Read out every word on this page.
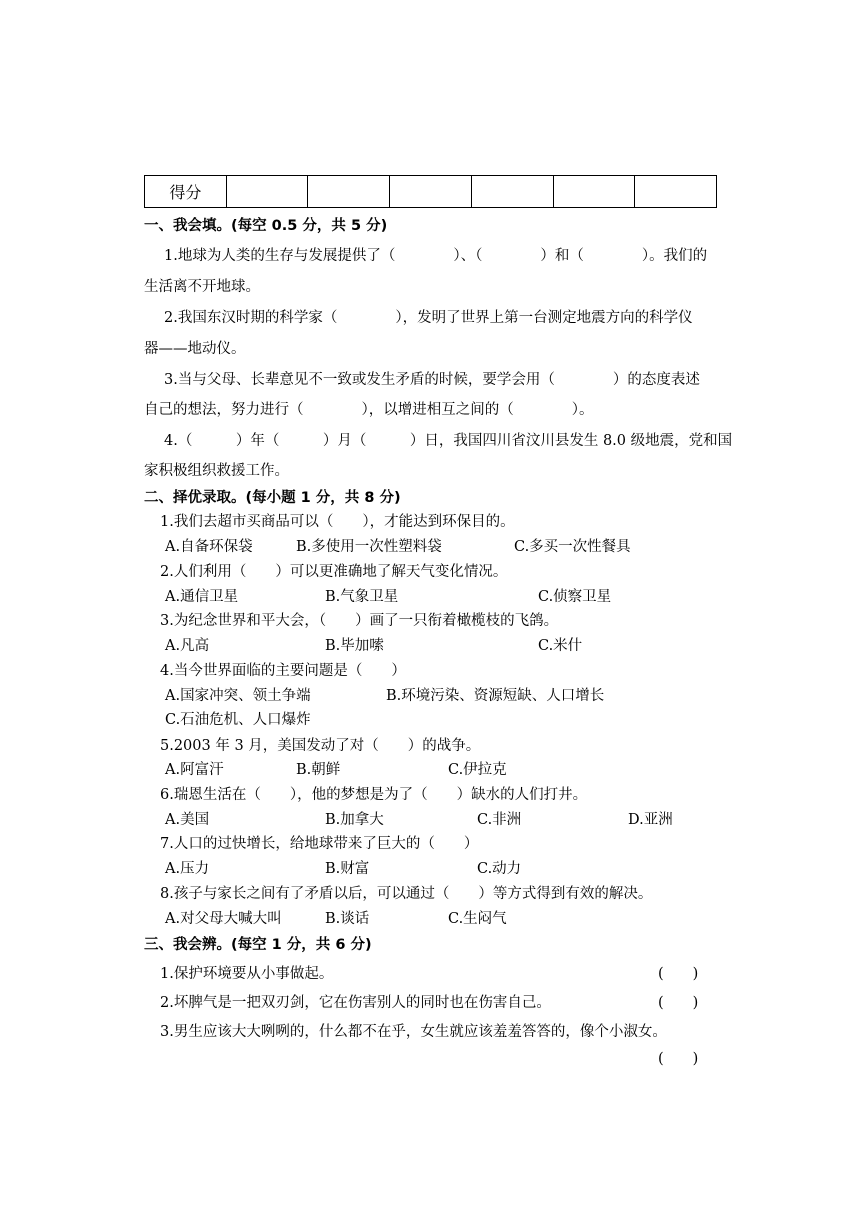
得分						
一、我会填。(每空 0.5 分，共 5 分)
1.地球为人类的生存与发展提供了（　　　　）、（　　　　）和（　　　　）。我们的
生活离不开地球。
2.我国东汉时期的科学家（　　　　），发明了世界上第一台测定地震方向的科学仪
器——地动仪。
3.当与父母、长辈意见不一致或发生矛盾的时候，要学会用（　　　　）的态度表述
自己的想法，努力进行（　　　　），以增进相互之间的（　　　　）。
4.（　　　）年（　　　）月（　　　）日，我国四川省汶川县发生 8.0 级地震，党和国
家积极组织救援工作。
二、择优录取。(每小题 1 分，共 8 分)
1.我们去超市买商品可以（　　），才能达到环保目的。
A.自备环保袋	B.多使用一次性塑料袋	C.多买一次性餐具
2.人们利用（　　）可以更准确地了解天气变化情况。
A.通信卫星	B.气象卫星	C.侦察卫星
3.为纪念世界和平大会，（　　）画了一只衔着橄榄枝的飞鸽。
A.凡高	B.毕加嗦	C.米什
4.当今世界面临的主要问题是（　　）
A.国家冲突、领土争端	B.环境污染、资源短缺、人口增长
C.石油危机、人口爆炸
5.2003 年 3 月，美国发动了对（　　）的战争。
A.阿富汗	B.朝鲜	C.伊拉克
6.瑞恩生活在（　　），他的梦想是为了（　　）缺水的人们打井。
A.美国	B.加拿大	C.非洲	D.亚洲
7.人口的过快增长，给地球带来了巨大的（　　）
A.压力	B.财富	C.动力
8.孩子与家长之间有了矛盾以后，可以通过（　　）等方式得到有效的解决。
A.对父母大喊大叫	B.谈话	C.生闷气
三、我会辨。(每空 1 分，共 6 分)
1.保护环境要从小事做起。	(　　)
2.坏脾气是一把双刃剑，它在伤害别人的同时也在伤害自己。	(　　)
3.男生应该大大咧咧的，什么都不在乎，女生就应该羞羞答答的，像个小淑女。
(　　)
